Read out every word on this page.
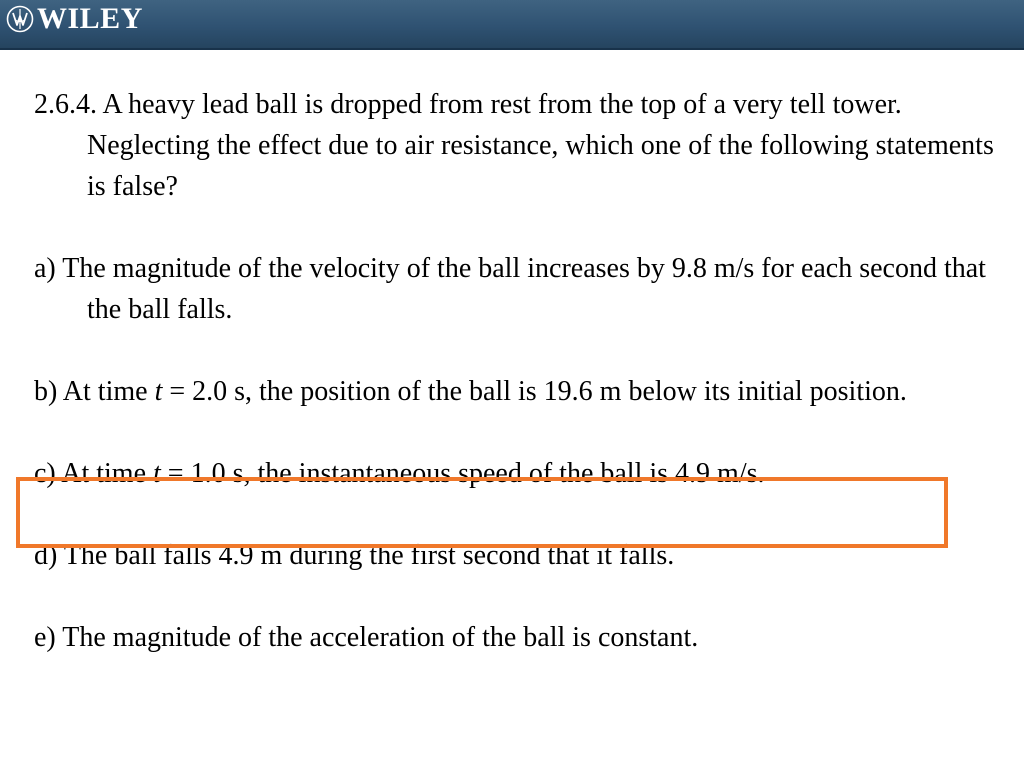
WILEY
2.6.4. A heavy lead ball is dropped from rest from the top of a very tell tower. Neglecting the effect due to air resistance, which one of the following statements is false?
a) The magnitude of the velocity of the ball increases by 9.8 m/s for each second that the ball falls.
b) At time t = 2.0 s, the position of the ball is 19.6 m below its initial position.
c) At time t = 1.0 s, the instantaneous speed of the ball is 4.9 m/s.
d) The ball falls 4.9 m during the first second that it falls.
e) The magnitude of the acceleration of the ball is constant.
